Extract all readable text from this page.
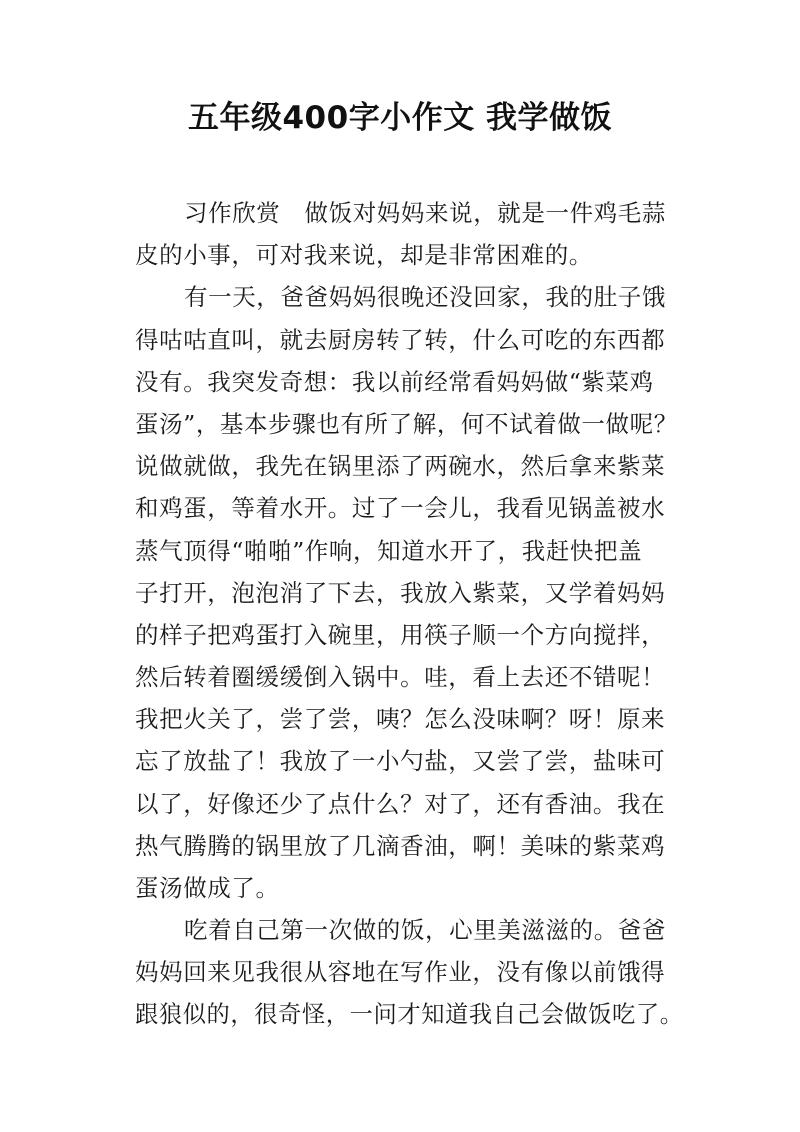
五年级400字小作文 我学做饭
习作欣赏　做饭对妈妈来说，就是一件鸡毛蒜
皮的小事，可对我来说，却是非常困难的。
有一天，爸爸妈妈很晚还没回家，我的肚子饿
得咕咕直叫，就去厨房转了转，什么可吃的东西都
没有。我突发奇想：我以前经常看妈妈做“紫菜鸡
蛋汤”，基本步骤也有所了解，何不试着做一做呢？
说做就做，我先在锅里添了两碗水，然后拿来紫菜
和鸡蛋，等着水开。过了一会儿，我看见锅盖被水
蒸气顶得“啪啪”作响，知道水开了，我赶快把盖
子打开，泡泡消了下去，我放入紫菜，又学着妈妈
的样子把鸡蛋打入碗里，用筷子顺一个方向搅拌，
然后转着圈缓缓倒入锅中。哇，看上去还不错呢！
我把火关了，尝了尝，咦？怎么没味啊？呀！原来
忘了放盐了！我放了一小勺盐，又尝了尝，盐味可
以了，好像还少了点什么？对了，还有香油。我在
热气腾腾的锅里放了几滴香油，啊！美味的紫菜鸡
蛋汤做成了。
吃着自己第一次做的饭，心里美滋滋的。爸爸
妈妈回来见我很从容地在写作业，没有像以前饿得
跟狼似的，很奇怪，一问才知道我自己会做饭吃了。
